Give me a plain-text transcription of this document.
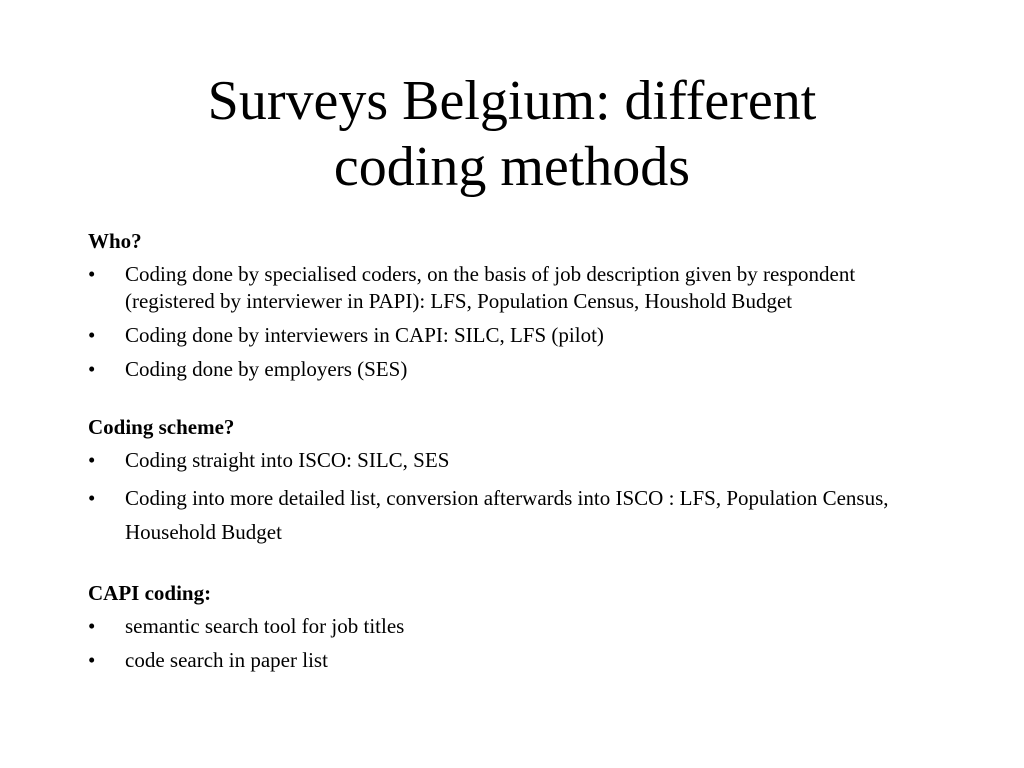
Surveys Belgium: different
coding methods
Who?
• Coding done by specialised coders, on the basis of job description given by respondent (registered by interviewer in PAPI): LFS, Population Census, Houshold Budget
• Coding done by interviewers in CAPI: SILC, LFS (pilot)
• Coding done by employers (SES)
Coding scheme?
• Coding straight into ISCO: SILC, SES
• Coding into more detailed list, conversion afterwards into ISCO : LFS, Population Census, Household Budget
CAPI coding:
• semantic search tool for job titles
• code search in paper list
